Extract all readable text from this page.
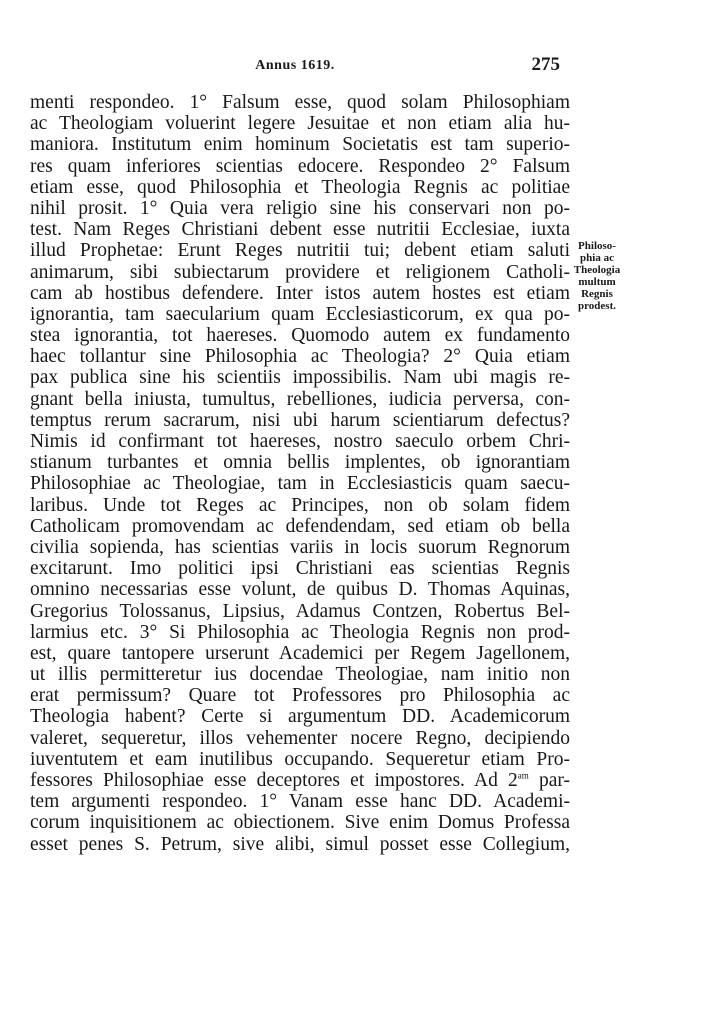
Annus 1619.	275
menti respondeo. 1° Falsum esse, quod solam Philosophiam
ac Theologiam voluerint legere Jesuitae et non etiam alia hu-
maniora. Institutum enim hominum Societatis est tam superio-
res quam inferiores scientias edocere. Respondeo 2° Falsum
etiam esse, quod Philosophia et Theologia Regnis ac politiae
nihil prosit. 1° Quia vera religio sine his conservari non po-
test. Nam Reges Christiani debent esse nutritii Ecclesiae, iuxta
illud Prophetae: Erunt Reges nutritii tui; debent etiam saluti
animarum, sibi subiectarum providere et religionem Catholi-
cam ab hostibus defendere. Inter istos autem hostes est etiam
ignorantia, tam saecularium quam Ecclesiasticorum, ex qua po-
stea ignorantia, tot haereses. Quomodo autem ex fundamento
haec tollantur sine Philosophia ac Theologia? 2° Quia etiam
pax publica sine his scientiis impossibilis. Nam ubi magis re-
gnant bella iniusta, tumultus, rebelliones, iudicia perversa, con-
temptus rerum sacrarum, nisi ubi harum scientiarum defectus?
Nimis id confirmant tot haereses, nostro saeculo orbem Chri-
stianum turbantes et omnia bellis implentes, ob ignorantiam
Philosophiae ac Theologiae, tam in Ecclesiasticis quam saecu-
laribus. Unde tot Reges ac Principes, non ob solam fidem
Catholicam promovendam ac defendendam, sed etiam ob bella
civilia sopienda, has scientias variis in locis suorum Regnorum
excitarunt. Imo politici ipsi Christiani eas scientias Regnis
omnino necessarias esse volunt, de quibus D. Thomas Aquinas,
Gregorius Tolossanus, Lipsius, Adamus Contzen, Robertus Bel-
larmius etc. 3° Si Philosophia ac Theologia Regnis non prod-
est, quare tantopere urserunt Academici per Regem Jagellonem,
ut illis permitteretur ius docendae Theologiae, nam initio non
erat permissum? Quare tot Professores pro Philosophia ac
Theologia habent? Certe si argumentum DD. Academicorum
valeret, sequeretur, illos vehementer nocere Regno, decipiendo
iuventutem et eam inutilibus occupando. Sequeretur etiam Pro-
fessores Philosophiae esse deceptores et impostores. Ad $2^{am}$ par-
tem argumenti respondeo. 1° Vanam esse hanc DD. Academi-
corum inquisitionem ac obiectionem. Sive enim Domus Professa
esset penes S. Petrum, sive alibi, simul posset esse Collegium,
Philoso-
phia ac
Theologia
multum
Regnis
prodest.
